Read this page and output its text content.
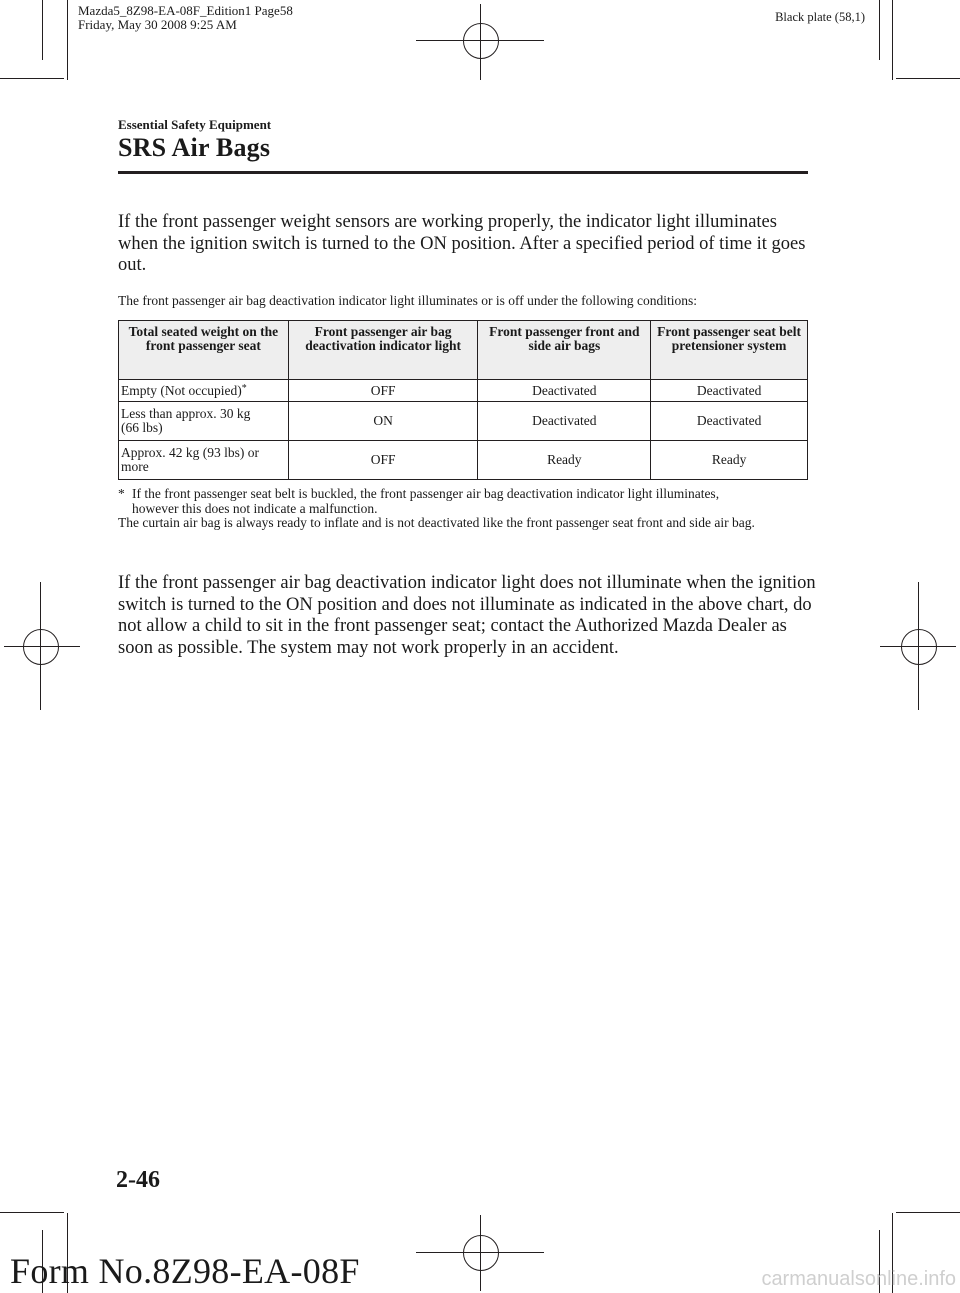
Mazda5_8Z98-EA-08F_Edition1 Page58
Friday, May 30 2008 9:25 AM	Black plate (58,1)
Essential Safety Equipment
SRS Air Bags
If the front passenger weight sensors are working properly, the indicator light illuminates when the ignition switch is turned to the ON position. After a specified period of time it goes out.
The front passenger air bag deactivation indicator light illuminates or is off under the following conditions:
Total seated weight on the front passenger seat	Front passenger air bag deactivation indicator light	Front passenger front and side air bags	Front passenger seat belt pretensioner system
Empty (Not occupied)*	OFF	Deactivated	Deactivated
Less than approx. 30 kg (66 lbs)	ON	Deactivated	Deactivated
Approx. 42 kg (93 lbs) or more	OFF	Ready	Ready
* If the front passenger seat belt is buckled, the front passenger air bag deactivation indicator light illuminates,
however this does not indicate a malfunction.
The curtain air bag is always ready to inflate and is not deactivated like the front passenger seat front and side air bag.
If the front passenger air bag deactivation indicator light does not illuminate when the ignition switch is turned to the ON position and does not illuminate as indicated in the above chart, do not allow a child to sit in the front passenger seat; contact the Authorized Mazda Dealer as soon as possible. The system may not work properly in an accident.
2-46
Form No.8Z98-EA-08F	carmanualsonline.info
